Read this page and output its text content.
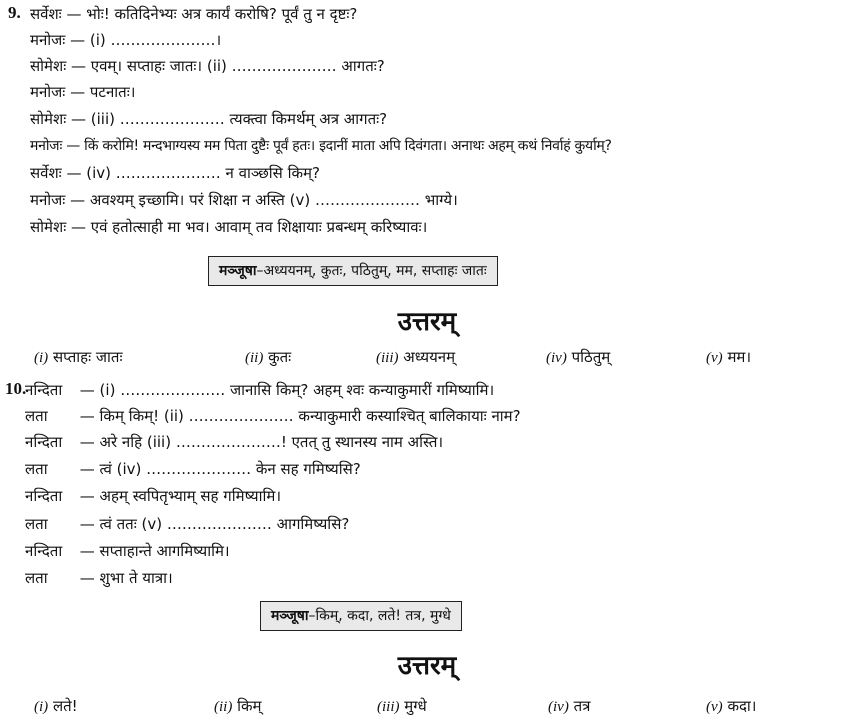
9. सर्वेशः — भोः! कतिदिनेभ्यः अत्र कार्यं करोषि? पूर्वं तु न दृष्टः?
मनोजः — (i) …………………।
सोमेशः — एवम्। सप्ताहः जातः। (ii) ………………… आगतः?
मनोजः — पटनातः।
सोमेशः — (iii) ………………… त्यक्त्वा किमर्थम् अत्र आगतः?
मनोजः — किं करोमि! मन्दभाग्यस्य मम पिता दुष्टैः पूर्वं हतः। इदानीं माता अपि दिवंगता। अनाथः अहम् कथं निर्वाहं कुर्याम्?
सर्वेशः — (iv) ………………… न वाञ्छसि किम्?
मनोजः — अवश्यम् इच्छामि। परं शिक्षा न अस्ति (v) ………………… भाग्ये।
सोमेशः — एवं हतोत्साही मा भव। आवाम् तव शिक्षायाः प्रबन्धम् करिष्यावः।
मञ्जूषा–अध्ययनम्, कुतः, पठितुम्, मम, सप्ताहः जातः
उत्तरम्
(i) सप्ताहः जातः	(ii) कुतः	(iii) अध्ययनम्	(iv) पठितुम्	(v) मम।
10.
नन्दिता — (i) ………………… जानासि किम्? अहम् श्वः कन्याकुमारीं गमिष्यामि।
लता — किम् किम्! (ii) ………………… कन्याकुमारी कस्याश्चित् बालिकायाः नाम?
नन्दिता — अरे नहि (iii) …………………! एतत् तु स्थानस्य नाम अस्ति।
लता — त्वं (iv) ………………… केन सह गमिष्यसि?
नन्दिता — अहम् स्वपितृभ्याम् सह गमिष्यामि।
लता — त्वं ततः (v) ………………… आगमिष्यसि?
नन्दिता — सप्ताहान्ते आगमिष्यामि।
लता — शुभा ते यात्रा।
मञ्जूषा–किम्, कदा, लते! तत्र, मुग्धे
उत्तरम्
(i) लते!	(ii) किम्	(iii) मुग्धे	(iv) तत्र	(v) कदा।
